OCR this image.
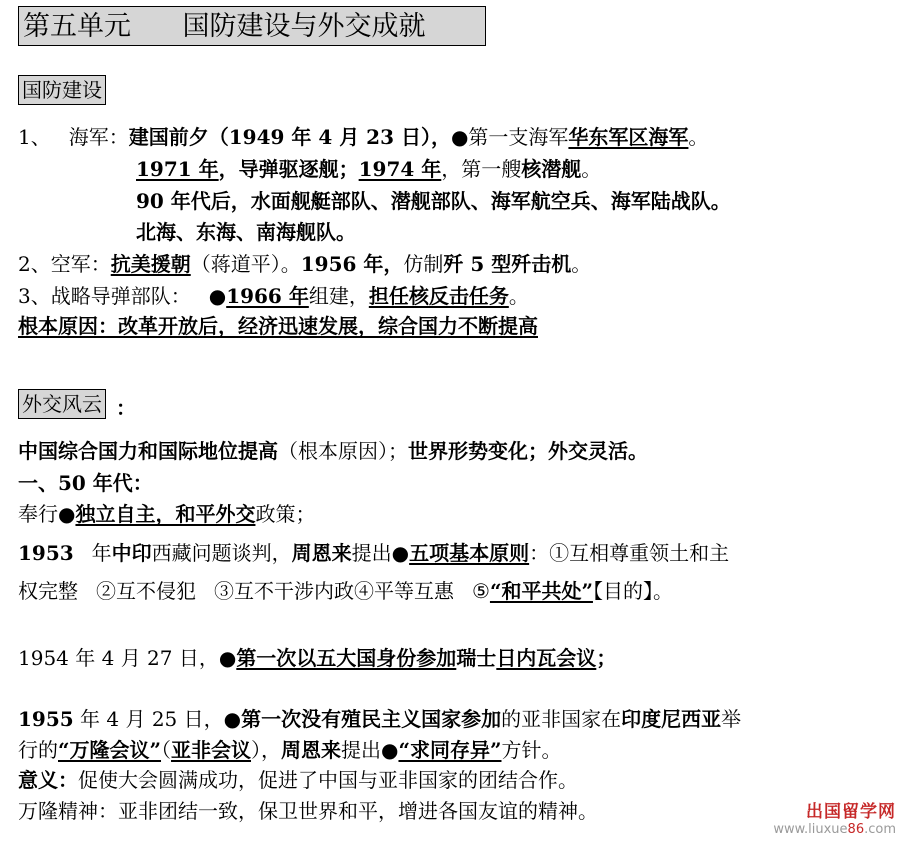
第五单元      国防建设与外交成就
国防建设
1、 海军：建国前夕（1949 年 4 月 23 日），●第一支海军华东军区海军。
1971 年，导弹驱逐舰；1974 年，第一艘核潜舰。
90 年代后，水面舰艇部队、潜舰部队、海军航空兵、海军陆战队。
北海、东海、南海舰队。
2、空军：抗美援朝（蒋道平）。1956 年，仿制歼 5 型歼击机。
3、战略导弹部队： ●1966 年组建，担任核反击任务。
根本原因：改革开放后，经济迅速发展，综合国力不断提高
外交风云 ：
中国综合国力和国际地位提高（根本原因）；世界形势变化；外交灵活。
一、50 年代：
奉行●独立自主，和平外交政策；
1953 年中印西藏问题谈判，周恩来提出●五项基本原则：①互相尊重领土和主
权完整 ②互不侵犯 ③互不干涉内政④平等互惠 ⑤“和平共处”【目的】。
1954 年 4 月 27 日，●第一次以五大国身份参加瑞士日内瓦会议；
1955 年 4 月 25 日，●第一次没有殖民主义国家参加的亚非国家在印度尼西亚举
行的“万隆会议”（亚非会议），周恩来提出●“求同存异”方针。
意义：促使大会圆满成功，促进了中国与亚非国家的团结合作。
万隆精神：亚非团结一致，保卫世界和平，增进各国友谊的精神。	出国留学网
www.liuxue86.com
